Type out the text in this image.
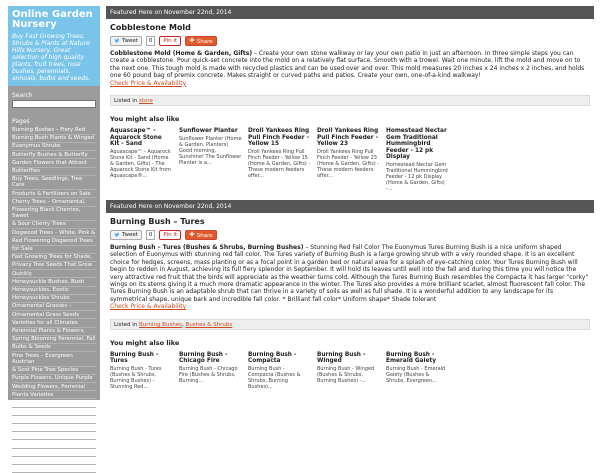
Online Garden Nursery
Buy Fast Growing Trees, Shrubs & Plants at Nature Hills Nursery. Great selection of high quality plants, fruit trees, rose bushes, perennials, annuals, bulbs and seeds.
Search
Pages
Burning Bushes – Fiery Red
Burning Bush Plants & Winged
Euonymus Shrubs
Butterfly Bushes & Butterfly
Garden Flowers that Attract
Butterflies
Buy Trees, Seedlings, Tree Care
Products & Fertilizers on Sale
Cherry Trees – Ornamental,
Flowering Black Cherries, Sweet
& Sour Cherry Trees
Dogwood Trees – White, Pink &
Red Flowering Dogwood Trees
for Sale
Fast Growing Trees for Shade,
Privacy Tree Seeds That Grow
Quickly
Honeysuckle Bushes, Bush
Honeysuckles, Exotic
Honeysuckles Shrubs
Ornamental Grasses –
Ornamental Grass Seeds
Varieties for all Climates
Perennial Plants & Flowers,
Spring Blooming Perennial, Fall
Bulbs & Seeds
Pine Trees – Evergreen Austrian
& Scot Pine Tree Species
Purple Flowers, Unique Purple
Wedding Flowers, Perrenial
Plants Varieties
Rhododendron Shrubs, Showy
Flowering Bushes –
Rhododendrons For Sale
Rose of Sharon Hibiscus
Flowering Shrubs, Buy Rose of
Sharon Bushes
Spirea Bushes & Shrubs – Buy
Bridalwreaths, Little Princess
Spirea for Sale
Featured Here on November 22nd, 2014
Cobblestone Mold
Tweet	0	Pin it	Share
Cobblestone Mold (Home & Garden, Gifts) – Create your own stone walkway or lay your own patio in just an afternoon. In three simple steps you can create a cobblestone. Pour quick-set concrete into the mold on a relatively flat surface. Smooth with a trowel. Wait one minute, lift the mold and move on to the next one. This tough mold is made with recycled plastics and can be used over and over. This mold measures 20 inches x 24 inches x 2 inches, and holds one 60 pound bag of premix concrete. Makes straight or curved paths and patios. Create your own, one-of-a-kind walkway!
Check Price & Availability
Listed in store
You might also like
Aquascape™ - Aquarock Stone Kit - Sand
Aquascape™ - Aquarock Stone Kit - Sand (Home & Garden, Gifts) - The Aquarock Stone Kit from Aquascape®...
Sunflower Planter
Sunflower Planter (Home & Garden, Planters) Good morning, Sunshine! The Sunflower Planter is a...
Droll Yankees Ring Pull Finch Feeder - Yellow 15
Droll Yankees Ring Pull Finch Feeder - Yellow 15 (Home & Garden, Gifts) - These modern feeders offer...
Droll Yankees Ring Pull Finch Feeder - Yellow 23
Droll Yankees Ring Pull Finch Feeder - Yellow 23 (Home & Garden, Gifts) - These modern feeders offer...
Homestead Nectar Gem Traditional Hummingbird Feeder - 12 pk Display
Homestead Nectar Gem Traditional Hummingbird Feeder - 12 pk Display (Home & Garden, Gifts) -...
Featured Here on November 22nd, 2014
Burning Bush – Tures
Tweet	0	Pin it	Share
Burning Bush – Tures (Bushes & Shrubs, Burning Bushes) – Stunning Red Fall Color The Euonymus Tures Burning Bush is a nice uniform shaped selection of Euonymus with stunning red fall color. The Tures variety of Burning Bush is a large growing shrub with a very rounded shape. It is an excellent choice for hedges, screens, mass planting or as a focal point in a garden bed or natural area for a splash of eye-catching color. Your Tures Burning Bush will begin to redden in August, achieving its full fiery splendor in September. It will hold its leaves until well into the fall and during this time you will notice the very attractive red fruit that the birds will appreciate as the weather turns cold. Although the Tures Burning Bush resembles the Compacta it has larger "corky" wings on its stems giving it a much more dramatic appearance in the winter. The Tures also provides a more brilliant scarlet, almost fluorescent fall color. The Tures Burning Bush is an adaptable shrub that can thrive in a variety of soils as well as full shade. It is a wonderful addition to any landscape for its symmetrical shape, unique bark and incredible fall color. * Brilliant fall color* Uniform shape* Shade tolerant
Check Price & Availability
Listed in Burning Bushes, Bushes & Shrubs
You might also like
Burning Bush - Tures
Burning Bush - Tures (Bushes & Shrubs, Burning Bushes) - Stunning Red...
Burning Bush - Chicago Fire
Burning Bush - Chicago Fire (Bushes & Shrubs, Burning...
Burning Bush - Compacta
Burning Bush - Compacta (Bushes & Shrubs, Burning Bushes)...
Burning Bush - Winged
Burning Bush - Winged (Bushes & Shrubs, Burning Bushes) -...
Burning Bush - Emerald Gaiety
Burning Bush - Emerald Gaiety (Bushes & Shrubs, Evergreen...
